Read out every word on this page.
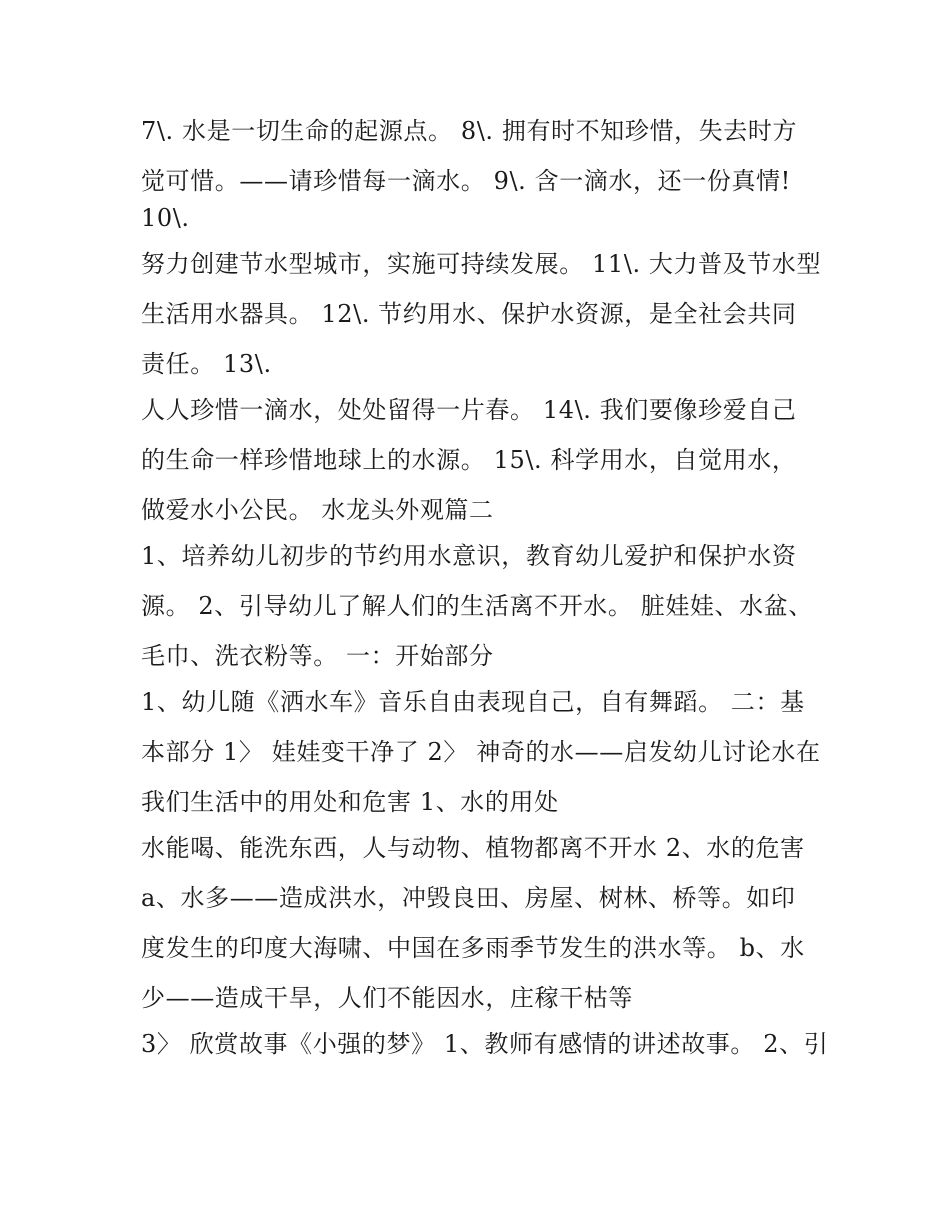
7\. 水是一切生命的起源点。 8\. 拥有时不知珍惜，失去时方
觉可惜。——请珍惜每一滴水。 9\. 含一滴水，还一份真情!
10\.
努力创建节水型城市，实施可持续发展。 11\. 大力普及节水型
生活用水器具。 12\. 节约用水、保护水资源，是全社会共同
责任。 13\.
人人珍惜一滴水，处处留得一片春。 14\. 我们要像珍爱自己
的生命一样珍惜地球上的水源。 15\. 科学用水，自觉用水，
做爱水小公民。 水龙头外观篇二
1、培养幼儿初步的节约用水意识，教育幼儿爱护和保护水资
源。 2、引导幼儿了解人们的生活离不开水。 脏娃娃、水盆、
毛巾、洗衣粉等。 一：开始部分
1、幼儿随《洒水车》音乐自由表现自己，自有舞蹈。 二：基
本部分 1〉 娃娃变干净了 2〉 神奇的水——启发幼儿讨论水在
我们生活中的用处和危害 1、水的用处
水能喝、能洗东西，人与动物、植物都离不开水 2、水的危害
a、水多——造成洪水，冲毁良田、房屋、树林、桥等。如印
度发生的印度大海啸、中国在多雨季节发生的洪水等。 b、水
少——造成干旱，人们不能因水，庄稼干枯等
3〉 欣赏故事《小强的梦》 1、教师有感情的讲述故事。 2、引
